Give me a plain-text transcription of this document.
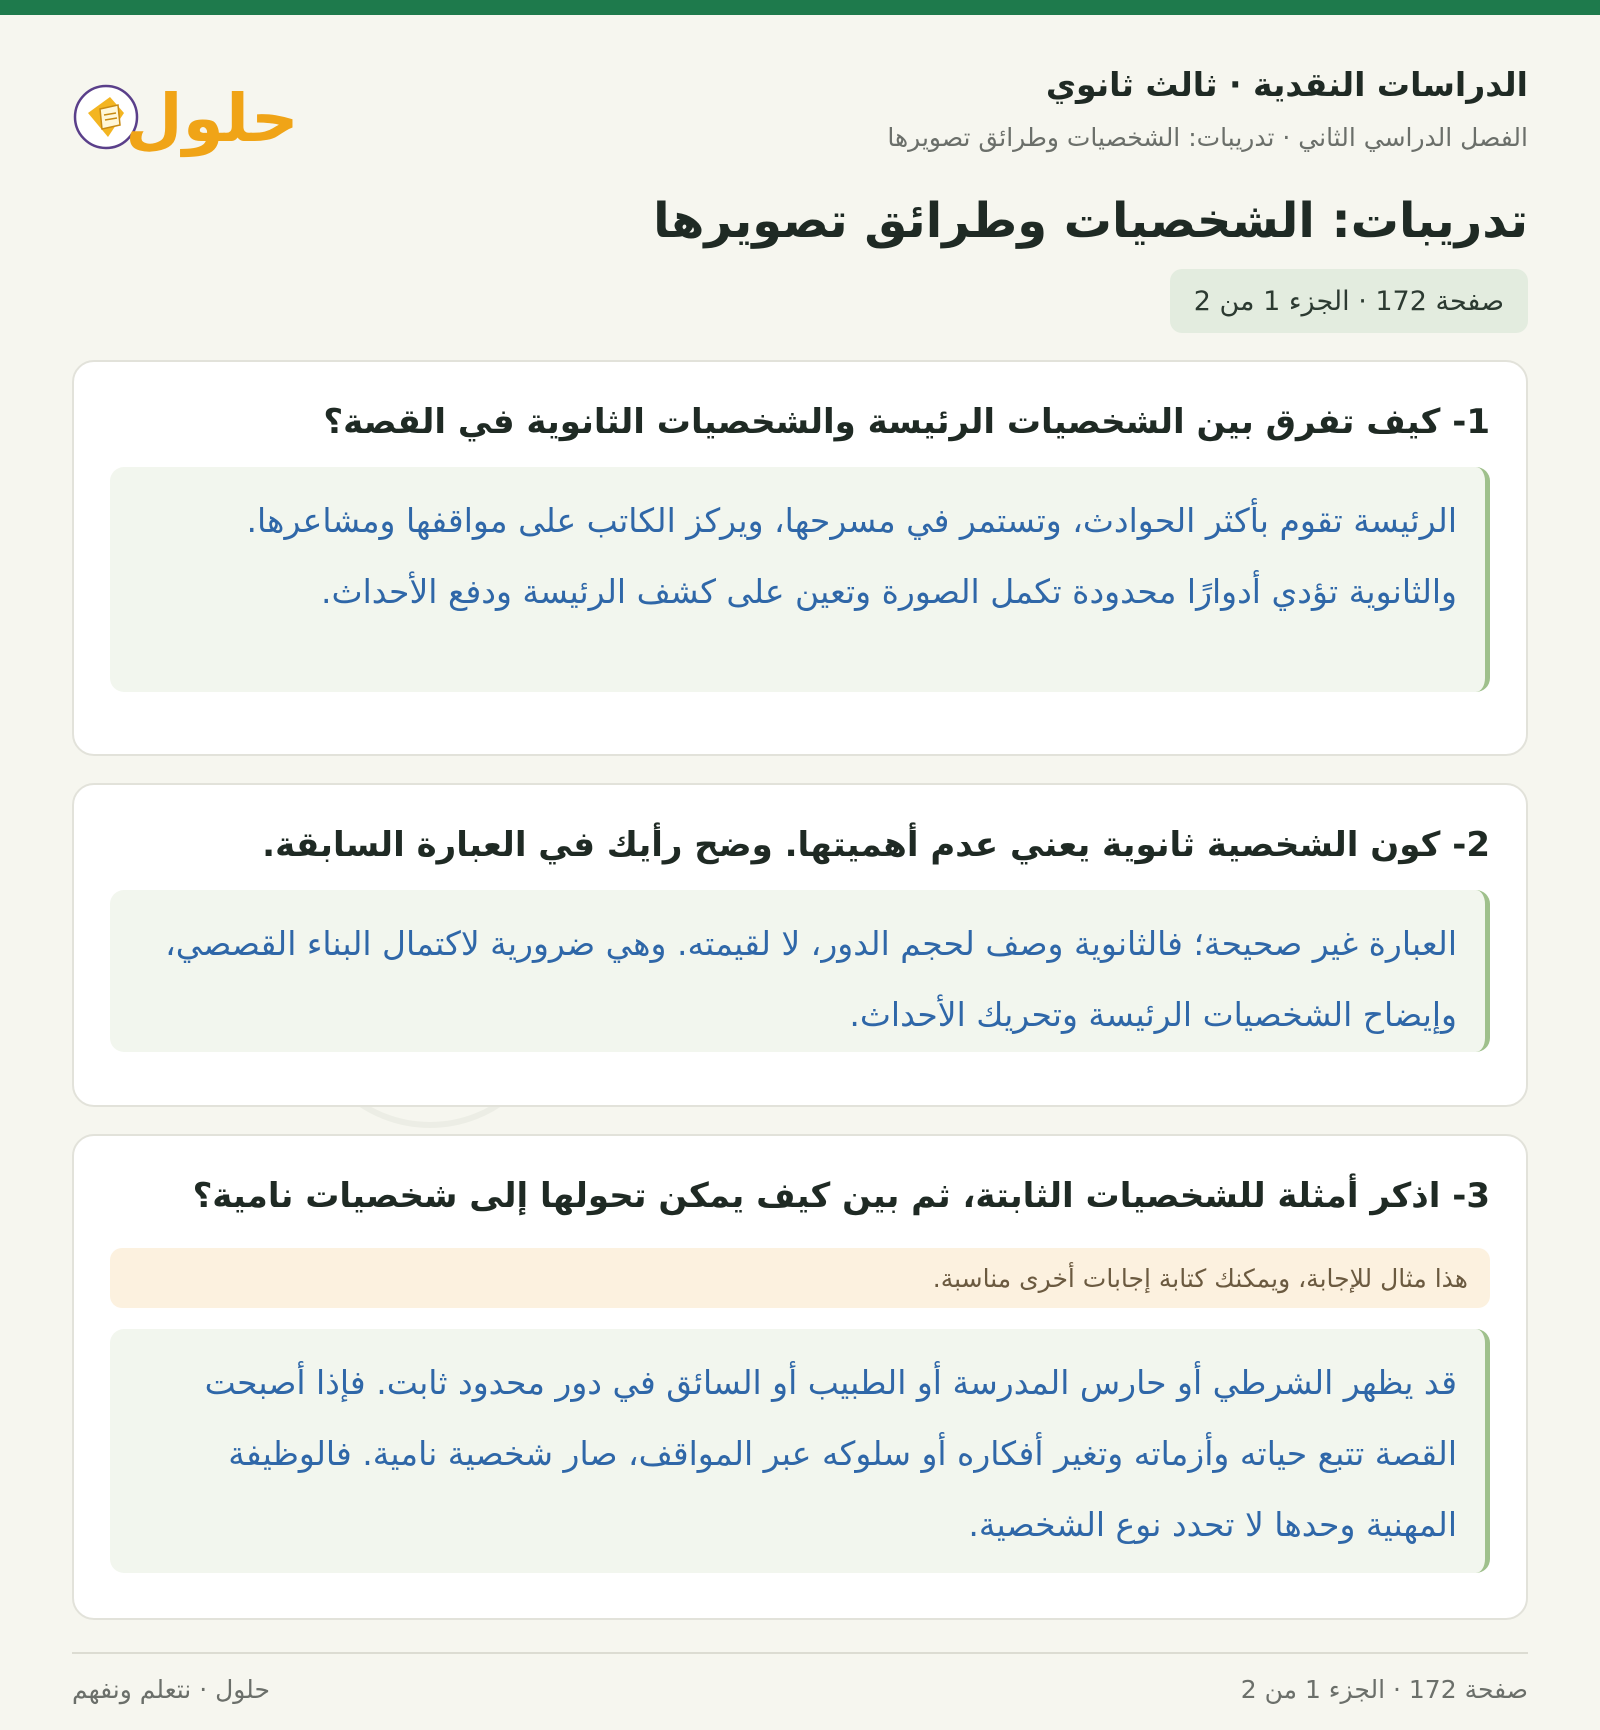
الدراسات النقدية · ثالث ثانوي
الفصل الدراسي الثاني · تدريبات: الشخصيات وطرائق تصويرها
حلول
تدريبات: الشخصيات وطرائق تصويرها
صفحة 172 · الجزء 1 من 2
1- كيف تفرق بين الشخصيات الرئيسة والشخصيات الثانوية في القصة؟
الرئيسة تقوم بأكثر الحوادث، وتستمر في مسرحها، ويركز الكاتب على مواقفها ومشاعرها. والثانوية تؤدي أدوارًا محدودة تكمل الصورة وتعين على كشف الرئيسة ودفع الأحداث.
2- كون الشخصية ثانوية يعني عدم أهميتها. وضح رأيك في العبارة السابقة.
العبارة غير صحيحة؛ فالثانوية وصف لحجم الدور، لا لقيمته. وهي ضرورية لاكتمال البناء القصصي، وإيضاح الشخصيات الرئيسة وتحريك الأحداث.
3- اذكر أمثلة للشخصيات الثابتة، ثم بين كيف يمكن تحولها إلى شخصيات نامية؟
هذا مثال للإجابة، ويمكنك كتابة إجابات أخرى مناسبة.
قد يظهر الشرطي أو حارس المدرسة أو الطبيب أو السائق في دور محدود ثابت. فإذا أصبحت القصة تتبع حياته وأزماته وتغير أفكاره أو سلوكه عبر المواقف، صار شخصية نامية. فالوظيفة المهنية وحدها لا تحدد نوع الشخصية.
صفحة 172 · الجزء 1 من 2
حلول · نتعلم ونفهم
